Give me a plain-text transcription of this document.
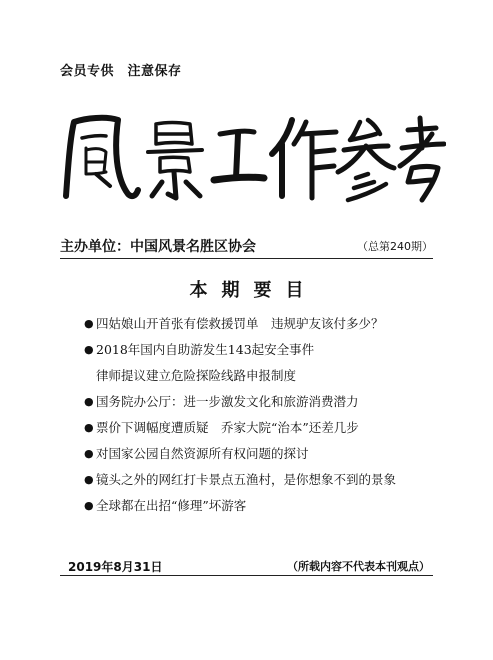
会员专供　注意保存
主办单位：中国风景名胜区协会	（总第240期）
本期要目
● 四姑娘山开首张有偿救援罚单　违规驴友该付多少？
● 2018年国内自助游发生143起安全事件
律师提议建立危险探险线路申报制度
● 国务院办公厅：进一步激发文化和旅游消费潜力
● 票价下调幅度遭质疑　乔家大院“治本”还差几步
● 对国家公园自然资源所有权问题的探讨
● 镜头之外的网红打卡景点五渔村，是你想象不到的景象
● 全球都在出招“修理”坏游客
2019年8月31日	（所载内容不代表本刊观点）
